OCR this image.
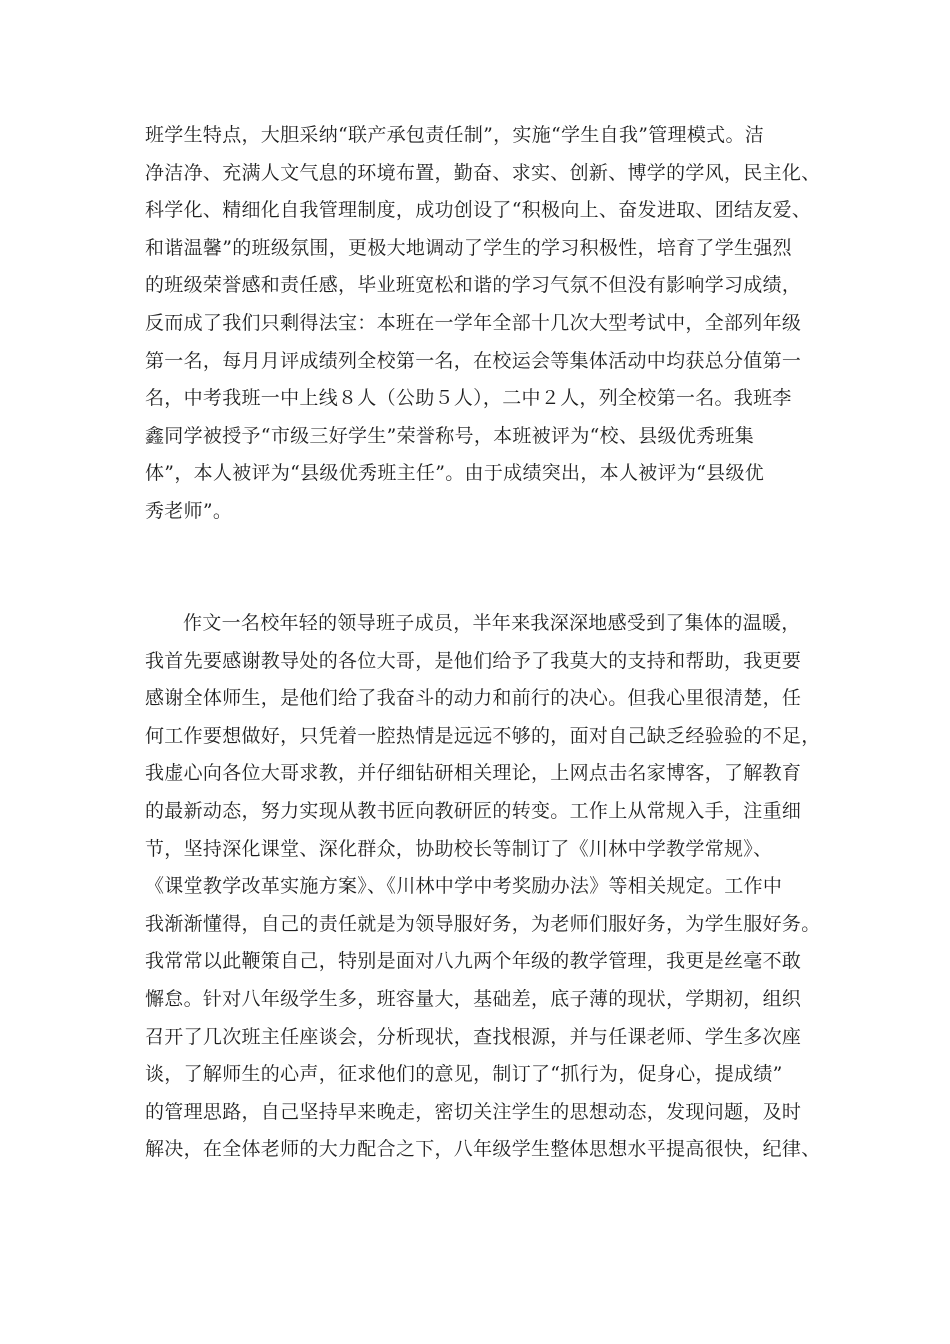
班学生特点，大胆采纳“联产承包责任制”，实施“学生自我”管理模式。洁
净洁净、充满人文气息的环境布置，勤奋、求实、创新、博学的学风，民主化、
科学化、精细化自我管理制度，成功创设了“积极向上、奋发进取、团结友爱、
和谐温馨”的班级氛围，更极大地调动了学生的学习积极性，培育了学生强烈
的班级荣誉感和责任感，毕业班宽松和谐的学习气氛不但没有影响学习成绩，
反而成了我们只剩得法宝：本班在一学年全部十几次大型考试中，全部列年级
第一名，每月月评成绩列全校第一名，在校运会等集体活动中均获总分值第一
名，中考我班一中上线８人（公助５人），二中２人，列全校第一名。我班李
鑫同学被授予“市级三好学生”荣誉称号，本班被评为“校、县级优秀班集
体”，本人被评为“县级优秀班主任”。由于成绩突出，本人被评为“县级优
秀老师”。
作文一名校年轻的领导班子成员，半年来我深深地感受到了集体的温暖，
我首先要感谢教导处的各位大哥，是他们给予了我莫大的支持和帮助，我更要
感谢全体师生，是他们给了我奋斗的动力和前行的决心。但我心里很清楚，任
何工作要想做好，只凭着一腔热情是远远不够的，面对自己缺乏经验验的不足，
我虚心向各位大哥求教，并仔细钻研相关理论，上网点击名家博客，了解教育
的最新动态，努力实现从教书匠向教研匠的转变。工作上从常规入手，注重细
节，坚持深化课堂、深化群众，协助校长等制订了《川林中学教学常规》、
《课堂教学改革实施方案》、《川林中学中考奖励办法》等相关规定。工作中
我渐渐懂得，自己的责任就是为领导服好务，为老师们服好务，为学生服好务。
我常常以此鞭策自己，特别是面对八九两个年级的教学管理，我更是丝毫不敢
懈怠。针对八年级学生多，班容量大，基础差，底子薄的现状，学期初，组织
召开了几次班主任座谈会，分析现状，查找根源，并与任课老师、学生多次座
谈，了解师生的心声，征求他们的意见，制订了“抓行为，促身心，提成绩”
的管理思路，自己坚持早来晚走，密切关注学生的思想动态，发现问题，及时
解决，在全体老师的大力配合之下，八年级学生整体思想水平提高很快，纪律、
